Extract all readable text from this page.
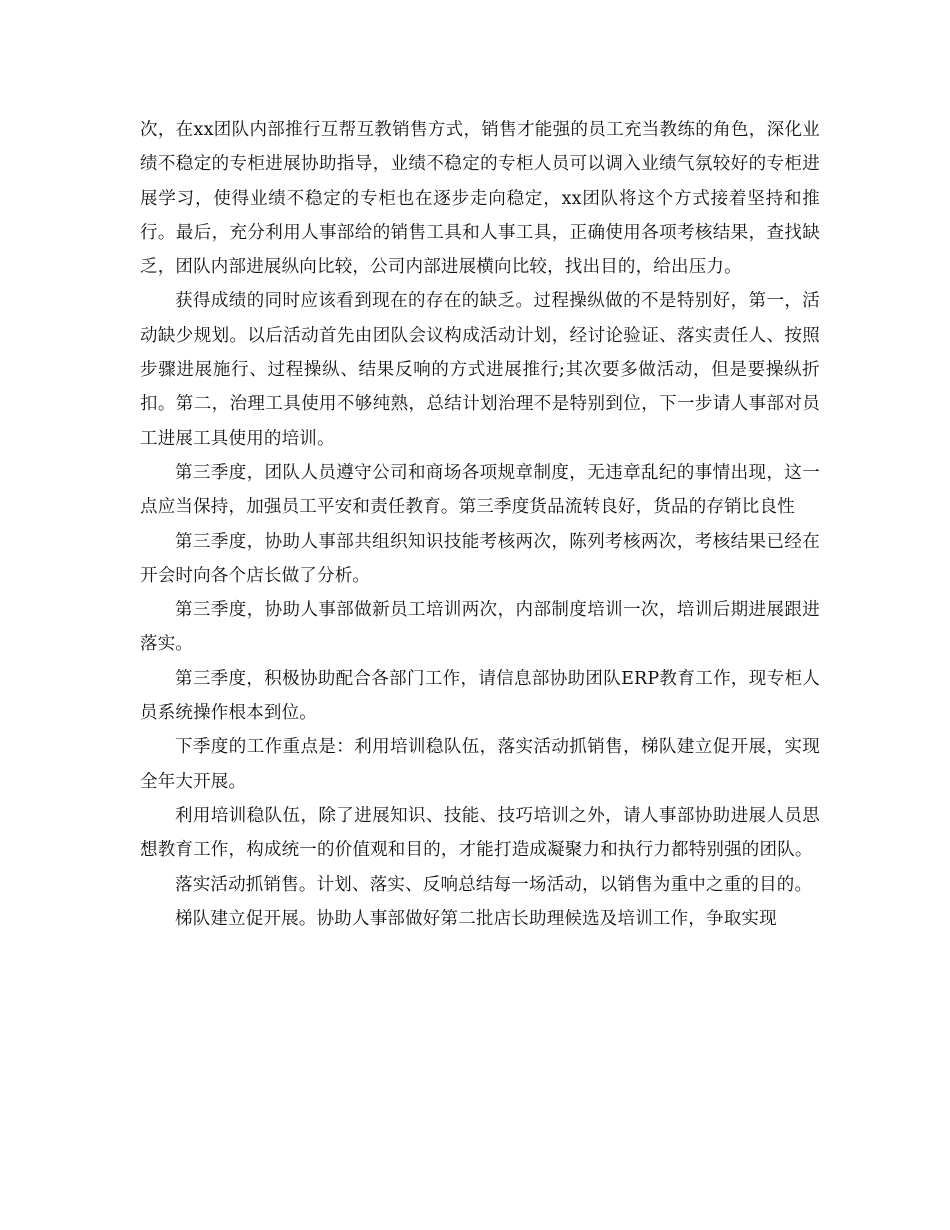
次，在xx团队内部推行互帮互教销售方式，销售才能强的员工充当教练的角色，深化业绩不稳定的专柜进展协助指导，业绩不稳定的专柜人员可以调入业绩气氛较好的专柜进展学习，使得业绩不稳定的专柜也在逐步走向稳定，xx团队将这个方式接着坚持和推行。最后，充分利用人事部给的销售工具和人事工具，正确使用各项考核结果，查找缺乏，团队内部进展纵向比较，公司内部进展横向比较，找出目的，给出压力。

获得成绩的同时应该看到现在的存在的缺乏。过程操纵做的不是特别好，第一，活动缺少规划。以后活动首先由团队会议构成活动计划，经讨论验证、落实责任人、按照步骤进展施行、过程操纵、结果反响的方式进展推行;其次要多做活动，但是要操纵折扣。第二，治理工具使用不够纯熟，总结计划治理不是特别到位，下一步请人事部对员工进展工具使用的培训。

第三季度，团队人员遵守公司和商场各项规章制度，无违章乱纪的事情出现，这一点应当保持，加强员工平安和责任教育。第三季度货品流转良好，货品的存销比良性

第三季度，协助人事部共组织知识技能考核两次，陈列考核两次，考核结果已经在开会时向各个店长做了分析。

第三季度，协助人事部做新员工培训两次，内部制度培训一次，培训后期进展跟进落实。

第三季度，积极协助配合各部门工作，请信息部协助团队ERP教育工作，现专柜人员系统操作根本到位。

下季度的工作重点是：利用培训稳队伍，落实活动抓销售，梯队建立促开展，实现全年大开展。

利用培训稳队伍，除了进展知识、技能、技巧培训之外，请人事部协助进展人员思想教育工作，构成统一的价值观和目的，才能打造成凝聚力和执行力都特别强的团队。

落实活动抓销售。计划、落实、反响总结每一场活动，以销售为重中之重的目的。

梯队建立促开展。协助人事部做好第二批店长助理候选及培训工作，争取实现
